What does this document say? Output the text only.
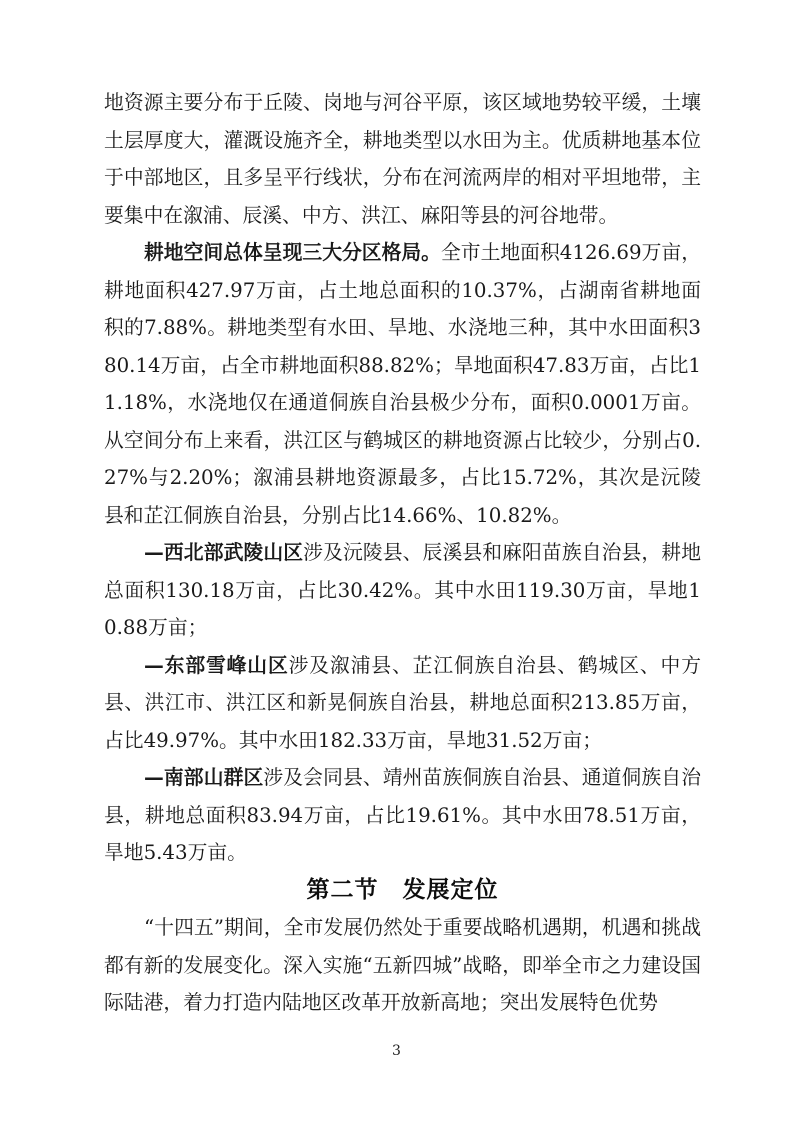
地资源主要分布于丘陵、岗地与河谷平原，该区域地势较平缓，土壤土层厚度大，灌溉设施齐全，耕地类型以水田为主。优质耕地基本位于中部地区，且多呈平行线状，分布在河流两岸的相对平坦地带，主要集中在溆浦、辰溪、中方、洪江、麻阳等县的河谷地带。

耕地空间总体呈现三大分区格局。全市土地面积4126.69万亩，耕地面积427.97万亩，占土地总面积的10.37%，占湖南省耕地面积的7.88%。耕地类型有水田、旱地、水浇地三种，其中水田面积380.14万亩，占全市耕地面积88.82%；旱地面积47.83万亩，占比11.18%，水浇地仅在通道侗族自治县极少分布，面积0.0001万亩。从空间分布上来看，洪江区与鹤城区的耕地资源占比较少，分别占0.27%与2.20%；溆浦县耕地资源最多，占比15.72%，其次是沅陵县和芷江侗族自治县，分别占比14.66%、10.82%。

—西北部武陵山区涉及沅陵县、辰溪县和麻阳苗族自治县，耕地总面积130.18万亩，占比30.42%。其中水田119.30万亩，旱地10.88万亩；

—东部雪峰山区涉及溆浦县、芷江侗族自治县、鹤城区、中方县、洪江市、洪江区和新晃侗族自治县，耕地总面积213.85万亩，占比49.97%。其中水田182.33万亩，旱地31.52万亩；

—南部山群区涉及会同县、靖州苗族侗族自治县、通道侗族自治县，耕地总面积83.94万亩，占比19.61%。其中水田78.51万亩，旱地5.43万亩。

第二节　发展定位

“十四五”期间，全市发展仍然处于重要战略机遇期，机遇和挑战都有新的发展变化。深入实施“五新四城”战略，即举全市之力建设国际陆港，着力打造内陆地区改革开放新高地；突出发展特色优势

3
